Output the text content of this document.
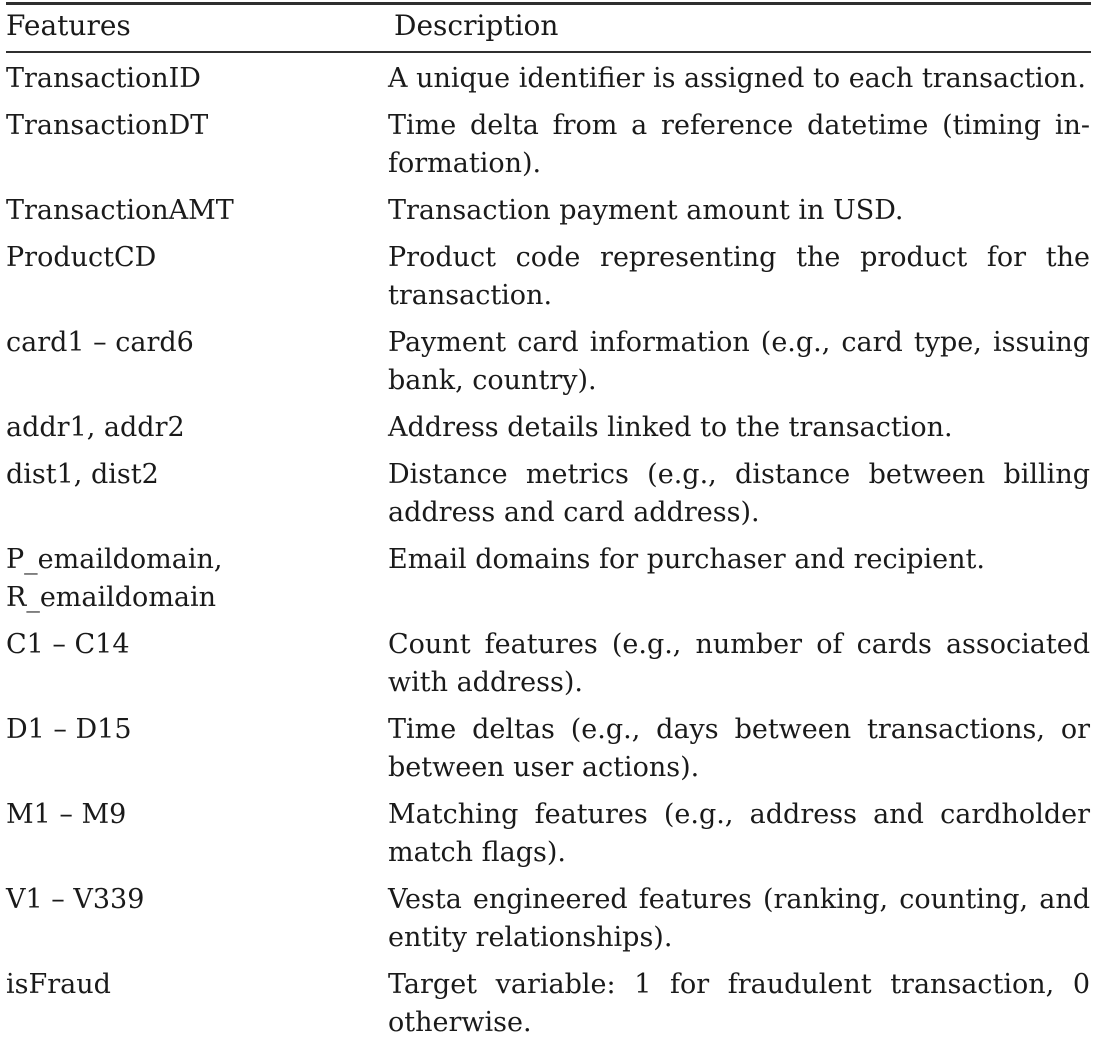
Features	Description

TransactionID	A unique identifier is assigned to each transaction.

TransactionDT	Time delta from a reference datetime (timing in-
formation).

TransactionAMT	Transaction payment amount in USD.

ProductCD	Product code representing the product for the
transaction.

card1 – card6	Payment card information (e.g., card type, issuing
bank, country).

addr1, addr2	Address details linked to the transaction.

dist1, dist2	Distance metrics (e.g., distance between billing
address and card address).

P_emaildomain,
R_emaildomain	Email domains for purchaser and recipient.

C1 – C14	Count features (e.g., number of cards associated
with address).

D1 – D15	Time deltas (e.g., days between transactions, or
between user actions).

M1 – M9	Matching features (e.g., address and cardholder
match flags).

V1 – V339	Vesta engineered features (ranking, counting, and
entity relationships).

isFraud	Target variable: 1 for fraudulent transaction, 0
otherwise.
